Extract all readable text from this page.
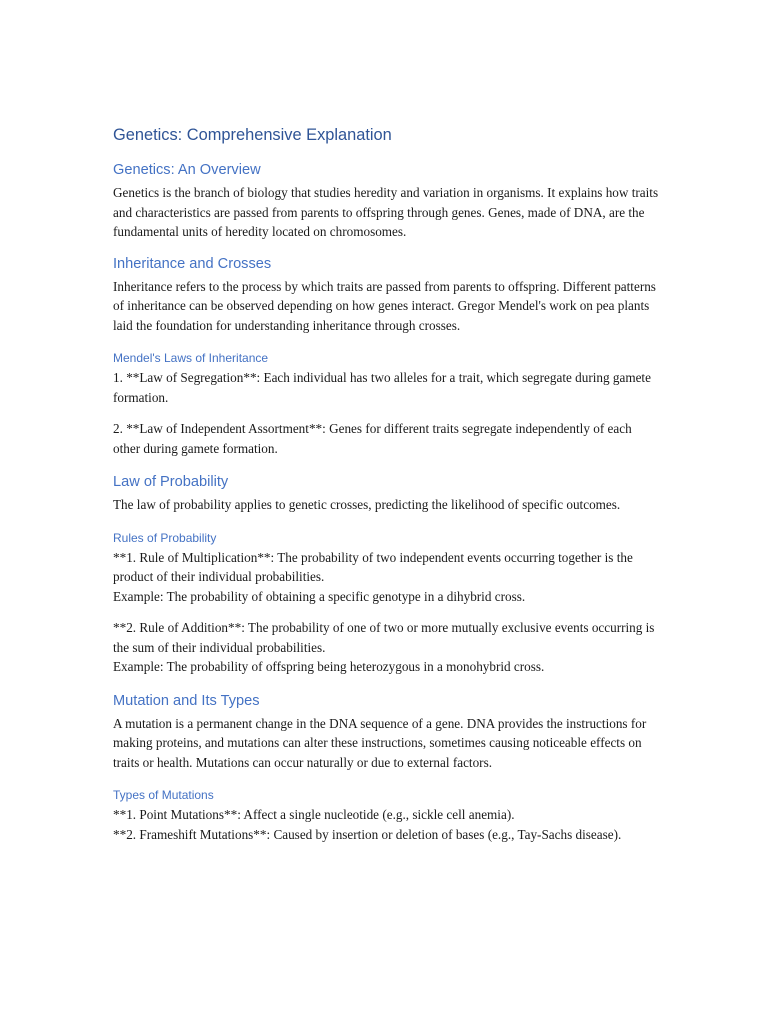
Genetics: Comprehensive Explanation
Genetics: An Overview

Genetics is the branch of biology that studies heredity and variation in organisms. It explains how traits and characteristics are passed from parents to offspring through genes. Genes, made of DNA, are the fundamental units of heredity located on chromosomes.

Inheritance and Crosses

Inheritance refers to the process by which traits are passed from parents to offspring. Different patterns of inheritance can be observed depending on how genes interact. Gregor Mendel's work on pea plants laid the foundation for understanding inheritance through crosses.

Mendel's Laws of Inheritance

1. **Law of Segregation**: Each individual has two alleles for a trait, which segregate during gamete formation.

2. **Law of Independent Assortment**: Genes for different traits segregate independently of each other during gamete formation.

Law of Probability

The law of probability applies to genetic crosses, predicting the likelihood of specific outcomes.

Rules of Probability

**1. Rule of Multiplication**: The probability of two independent events occurring together is the product of their individual probabilities.
Example: The probability of obtaining a specific genotype in a dihybrid cross.

**2. Rule of Addition**: The probability of one of two or more mutually exclusive events occurring is the sum of their individual probabilities.
Example: The probability of offspring being heterozygous in a monohybrid cross.

Mutation and Its Types

A mutation is a permanent change in the DNA sequence of a gene. DNA provides the instructions for making proteins, and mutations can alter these instructions, sometimes causing noticeable effects on traits or health. Mutations can occur naturally or due to external factors.

Types of Mutations

**1. Point Mutations**: Affect a single nucleotide (e.g., sickle cell anemia).
**2. Frameshift Mutations**: Caused by insertion or deletion of bases (e.g., Tay-Sachs disease).
